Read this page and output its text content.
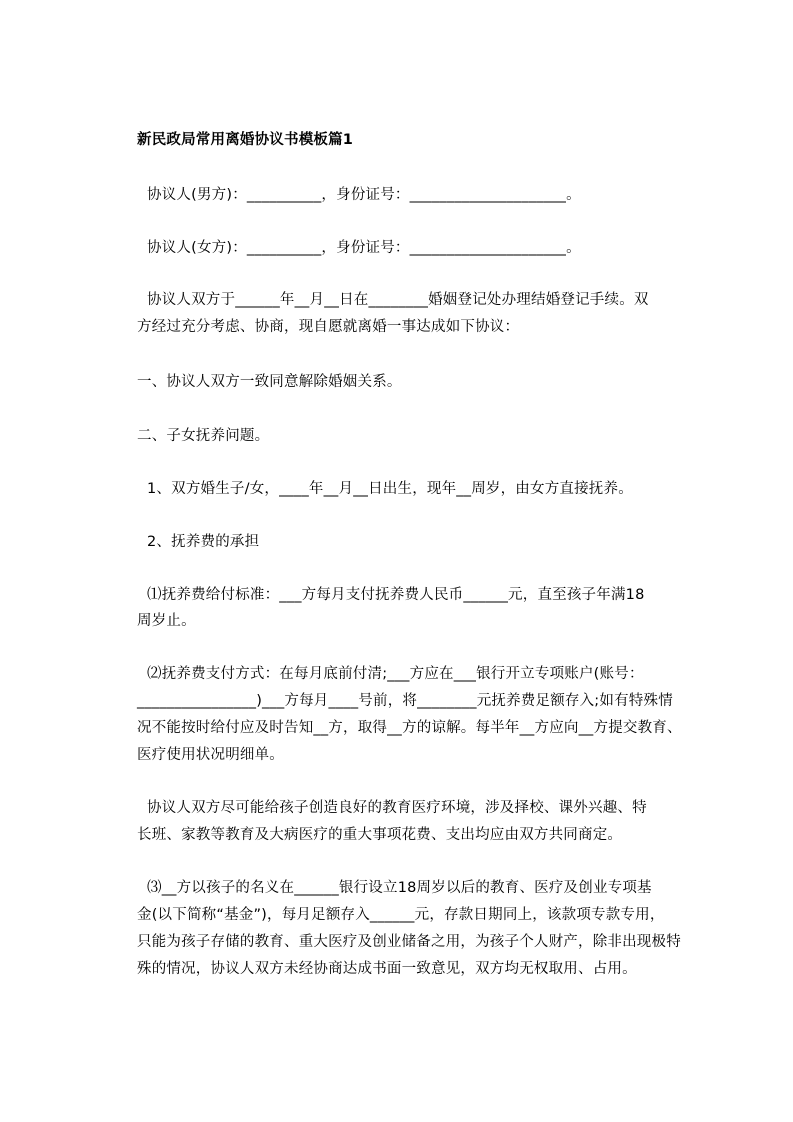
新民政局常用离婚协议书模板篇1
协议人(男方)：__________，身份证号：_____________________。
协议人(女方)：__________，身份证号：_____________________。
协议人双方于______年__月__日在________婚姻登记处办理结婚登记手续。双
方经过充分考虑、协商，现自愿就离婚一事达成如下协议：
一、协议人双方一致同意解除婚姻关系。
二、子女抚养问题。
1、双方婚生子/女，____年__月__日出生，现年__周岁，由女方直接抚养。
2、抚养费的承担
⑴抚养费给付标准：___方每月支付抚养费人民币______元，直至孩子年满18
周岁止。
⑵抚养费支付方式：在每月底前付清;___方应在___银行开立专项账户(账号：
________________)___方每月____号前，将________元抚养费足额存入;如有特殊情
况不能按时给付应及时告知__方，取得__方的谅解。每半年__方应向__方提交教育、
医疗使用状况明细单。
协议人双方尽可能给孩子创造良好的教育医疗环境，涉及择校、课外兴趣、特
长班、家教等教育及大病医疗的重大事项花费、支出均应由双方共同商定。
⑶__方以孩子的名义在______银行设立18周岁以后的教育、医疗及创业专项基
金(以下简称“基金”)，每月足额存入______元，存款日期同上，该款项专款专用，
只能为孩子存储的教育、重大医疗及创业储备之用，为孩子个人财产，除非出现极特
殊的情况，协议人双方未经协商达成书面一致意见，双方均无权取用、占用。
